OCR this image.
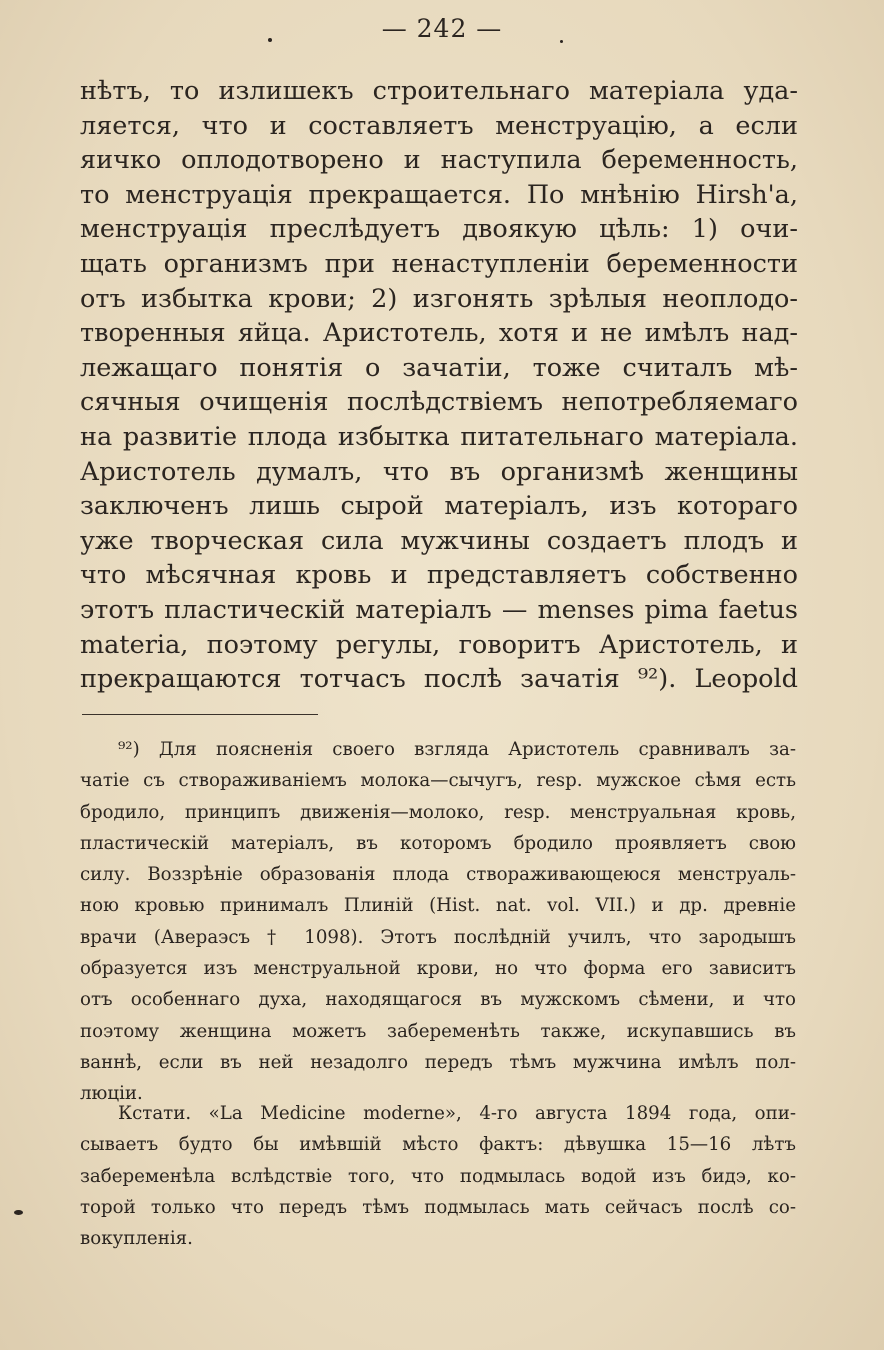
— 242 —
нѣтъ, то излишекъ строительнаго матеріала уда-
ляется, что и составляетъ менструацію, а если
яичко оплодотворено и наступила беременность,
то менструація прекращается. По мнѣнію Hirsh'a,
менструація преслѣдуетъ двоякую цѣль: 1) очи-
щать организмъ при ненаступленіи беременности
отъ избытка крови; 2) изгонять зрѣлыя неоплодо-
творенныя яйца. Аристотель, хотя и не имѣлъ над-
лежащаго понятія о зачатіи, тоже считалъ мѣ-
сячныя очищенія послѣдствіемъ непотребляемаго
на развитіе плода избытка питательнаго матеріала.
Аристотель думалъ, что въ организмѣ женщины
заключенъ лишь сырой матеріалъ, изъ котораго
уже творческая сила мужчины создаетъ плодъ и
что мѣсячная кровь и представляетъ собственно
этотъ пластическій матеріалъ — menses pima faetus
materia, поэтому регулы, говоритъ Аристотель, и
прекращаются тотчасъ послѣ зачатія ⁹²). Leopold
⁹²) Для поясненія своего взгляда Аристотель сравнивалъ за-
чатіе съ створаживаніемъ молока—сычугъ, resp. мужское сѣмя есть
бродило, принципъ движенія—молоко, resp. менструальная кровь,
пластическій матеріалъ, въ которомъ бродило проявляетъ свою
силу. Воззрѣніе образованія плода створаживающеюся менструаль-
ною кровью принималъ Плиній (Hist. nat. vol. VII.) и др. древніе
врачи (Авераэсъ † 1098). Этотъ послѣдній училъ, что зародышъ
образуется изъ менструальной крови, но что форма его зависитъ
отъ особеннаго духа, находящагося въ мужскомъ сѣмени, и что
поэтому женщина можетъ забеременѣть также, искупавшись въ
ваннѣ, если въ ней незадолго передъ тѣмъ мужчина имѣлъ пол-
люціи.
Кстати. «La Medicine moderne», 4-го августа 1894 года, опи-
сываетъ будто бы имѣвшій мѣсто фактъ: дѣвушка 15—16 лѣтъ
забеременѣла вслѣдствіе того, что подмылась водой изъ бидэ, ко-
торой только что передъ тѣмъ подмылась мать сейчасъ послѣ со-
вокупленія.
